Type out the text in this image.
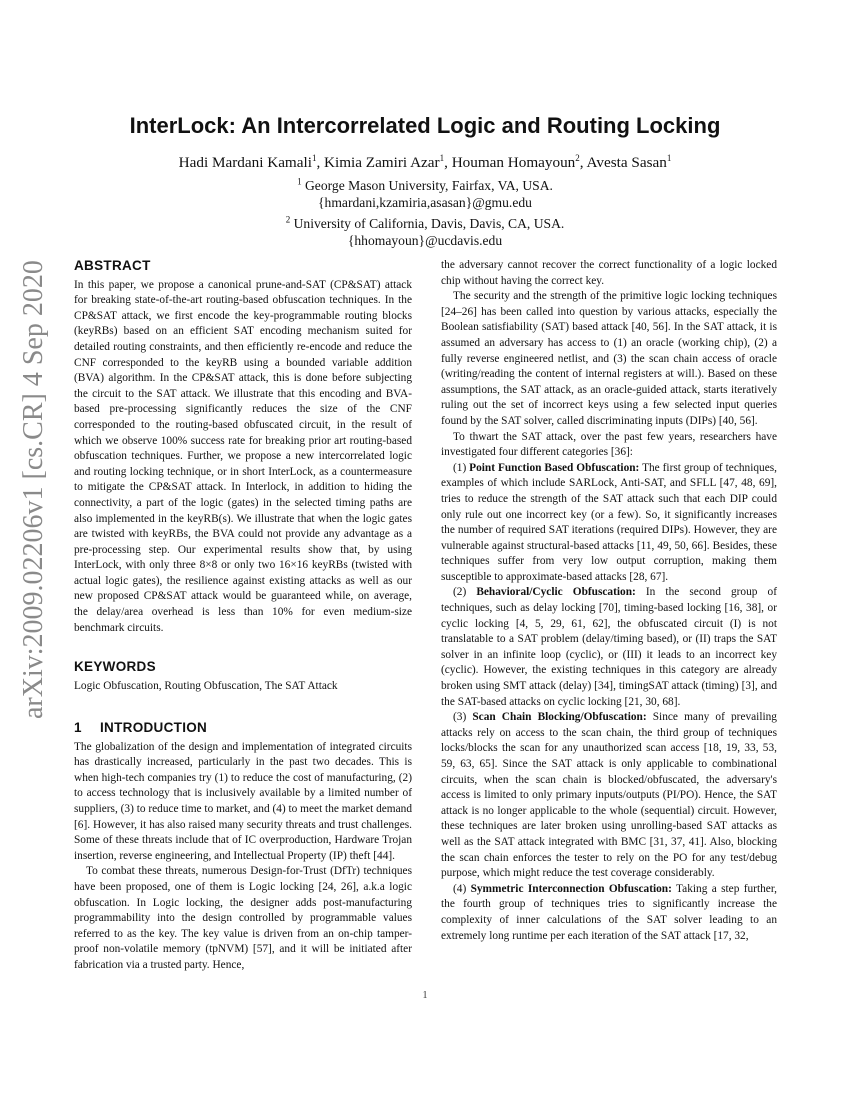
arXiv:2009.02206v1 [cs.CR] 4 Sep 2020
InterLock: An Intercorrelated Logic and Routing Locking
Hadi Mardani Kamali$^1$, Kimia Zamiri Azar$^1$, Houman Homayoun$^2$, Avesta Sasan$^1$
$^1$ George Mason University, Fairfax, VA, USA.
{hmardani,kzamiria,asasan}@gmu.edu
$^2$ University of California, Davis, Davis, CA, USA.
{hhomayoun}@ucdavis.edu
ABSTRACT

In this paper, we propose a canonical prune-and-SAT (CP&SAT) attack for breaking state-of-the-art routing-based obfuscation techniques. In the CP&SAT attack, we first encode the key-programmable routing blocks (keyRBs) based on an efficient SAT encoding mechanism suited for detailed routing constraints, and then efficiently re-encode and reduce the CNF corresponded to the keyRB using a bounded variable addition (BVA) algorithm. In the CP&SAT attack, this is done before subjecting the circuit to the SAT attack. We illustrate that this encoding and BVA-based pre-processing significantly reduces the size of the CNF corresponded to the routing-based obfuscated circuit, in the result of which we observe 100% success rate for breaking prior art routing-based obfuscation techniques. Further, we propose a new intercorrelated logic and routing locking technique, or in short InterLock, as a countermeasure to mitigate the CP&SAT attack. In Interlock, in addition to hiding the connectivity, a part of the logic (gates) in the selected timing paths are also implemented in the keyRB(s). We illustrate that when the logic gates are twisted with keyRBs, the BVA could not provide any advantage as a pre-processing step. Our experimental results show that, by using InterLock, with only three 8×8 or only two 16×16 keyRBs (twisted with actual logic gates), the resilience against existing attacks as well as our new proposed CP&SAT attack would be guaranteed while, on average, the delay/area overhead is less than 10% for even medium-size benchmark circuits.

KEYWORDS
Logic Obfuscation, Routing Obfuscation, The SAT Attack
1 INTRODUCTION

The globalization of the design and implementation of integrated circuits has drastically increased, particularly in the past two decades. This is when high-tech companies try (1) to reduce the cost of manufacturing, (2) to access technology that is inclusively available by a limited number of suppliers, (3) to reduce time to market, and (4) to meet the market demand [6]. However, it has also raised many security threats and trust challenges. Some of these threats include that of IC overproduction, Hardware Trojan insertion, reverse engineering, and Intellectual Property (IP) theft [44].

To combat these threats, numerous Design-for-Trust (DfTr) techniques have been proposed, one of them is Logic locking [24, 26], a.k.a logic obfuscation. In Logic locking, the designer adds post-manufacturing programmability into the design controlled by programmable values referred to as the key. The key value is driven from an on-chip tamper-proof non-volatile memory (tpNVM) [57], and it will be initiated after fabrication via a trusted party. Hence,

the adversary cannot recover the correct functionality of a logic locked chip without having the correct key.

The security and the strength of the primitive logic locking techniques [24–26] has been called into question by various attacks, especially the Boolean satisfiability (SAT) based attack [40, 56]. In the SAT attack, it is assumed an adversary has access to (1) an oracle (working chip), (2) a fully reverse engineered netlist, and (3) the scan chain access of oracle (writing/reading the content of internal registers at will.). Based on these assumptions, the SAT attack, as an oracle-guided attack, starts iteratively ruling out the set of incorrect keys using a few selected input queries found by the SAT solver, called discriminating inputs (DIPs) [40, 56].

To thwart the SAT attack, over the past few years, researchers have investigated four different categories [36]:

(1) Point Function Based Obfuscation: The first group of techniques, examples of which include SARLock, Anti-SAT, and SFLL [47, 48, 69], tries to reduce the strength of the SAT attack such that each DIP could only rule out one incorrect key (or a few). So, it significantly increases the number of required SAT iterations (required DIPs). However, they are vulnerable against structural-based attacks [11, 49, 50, 66]. Besides, these techniques suffer from very low output corruption, making them susceptible to approximate-based attacks [28, 67].

(2) Behavioral/Cyclic Obfuscation: In the second group of techniques, such as delay locking [70], timing-based locking [16, 38], or cyclic locking [4, 5, 29, 61, 62], the obfuscated circuit (I) is not translatable to a SAT problem (delay/timing based), or (II) traps the SAT solver in an infinite loop (cyclic), or (III) it leads to an incorrect key (cyclic). However, the existing techniques in this category are already broken using SMT attack (delay) [34], timingSAT attack (timing) [3], and the SAT-based attacks on cyclic locking [21, 30, 68].

(3) Scan Chain Blocking/Obfuscation: Since many of prevailing attacks rely on access to the scan chain, the third group of techniques locks/blocks the scan for any unauthorized scan access [18, 19, 33, 53, 59, 63, 65]. Since the SAT attack is only applicable to combinational circuits, when the scan chain is blocked/obfuscated, the adversary's access is limited to only primary inputs/outputs (PI/PO). Hence, the SAT attack is no longer applicable to the whole (sequential) circuit. However, these techniques are later broken using unrolling-based SAT attacks as well as the SAT attack integrated with BMC [31, 37, 41]. Also, blocking the scan chain enforces the tester to rely on the PO for any test/debug purpose, which might reduce the test coverage considerably.

(4) Symmetric Interconnection Obfuscation: Taking a step further, the fourth group of techniques tries to significantly increase the complexity of inner calculations of the SAT solver leading to an extremely long runtime per each iteration of the SAT attack [17, 32,

1
